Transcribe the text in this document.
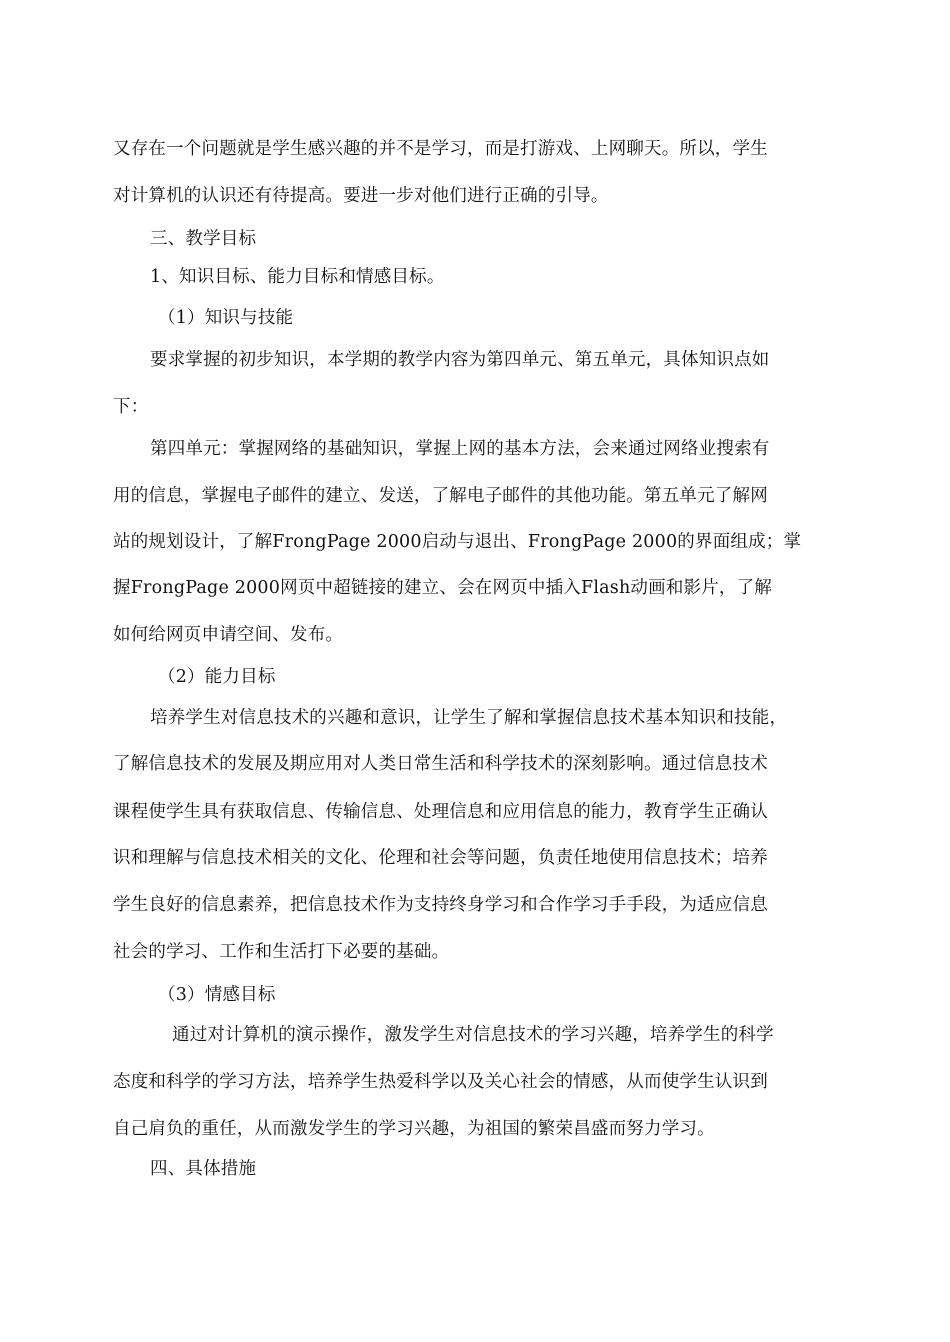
又存在一个问题就是学生感兴趣的并不是学习，而是打游戏、上网聊天。所以，学生
对计算机的认识还有待提高。要进一步对他们进行正确的引导。
三、教学目标
1、知识目标、能力目标和情感目标。
（1）知识与技能
要求掌握的初步知识，本学期的教学内容为第四单元、第五单元，具体知识点如
下：
第四单元：掌握网络的基础知识，掌握上网的基本方法，会来通过网络业搜索有
用的信息，掌握电子邮件的建立、发送，了解电子邮件的其他功能。第五单元了解网
站的规划设计，了解FrongPage 2000启动与退出、FrongPage 2000的界面组成；掌
握FrongPage 2000网页中超链接的建立、会在网页中插入Flash动画和影片，了解
如何给网页申请空间、发布。
（2）能力目标
培养学生对信息技术的兴趣和意识，让学生了解和掌握信息技术基本知识和技能，
了解信息技术的发展及期应用对人类日常生活和科学技术的深刻影响。通过信息技术
课程使学生具有获取信息、传输信息、处理信息和应用信息的能力，教育学生正确认
识和理解与信息技术相关的文化、伦理和社会等问题，负责任地使用信息技术；培养
学生良好的信息素养，把信息技术作为支持终身学习和合作学习手手段，为适应信息
社会的学习、工作和生活打下必要的基础。
（3）情感目标
通过对计算机的演示操作，激发学生对信息技术的学习兴趣，培养学生的科学
态度和科学的学习方法，培养学生热爱科学以及关心社会的情感，从而使学生认识到
自己肩负的重任，从而激发学生的学习兴趣，为祖国的繁荣昌盛而努力学习。
四、具体措施
